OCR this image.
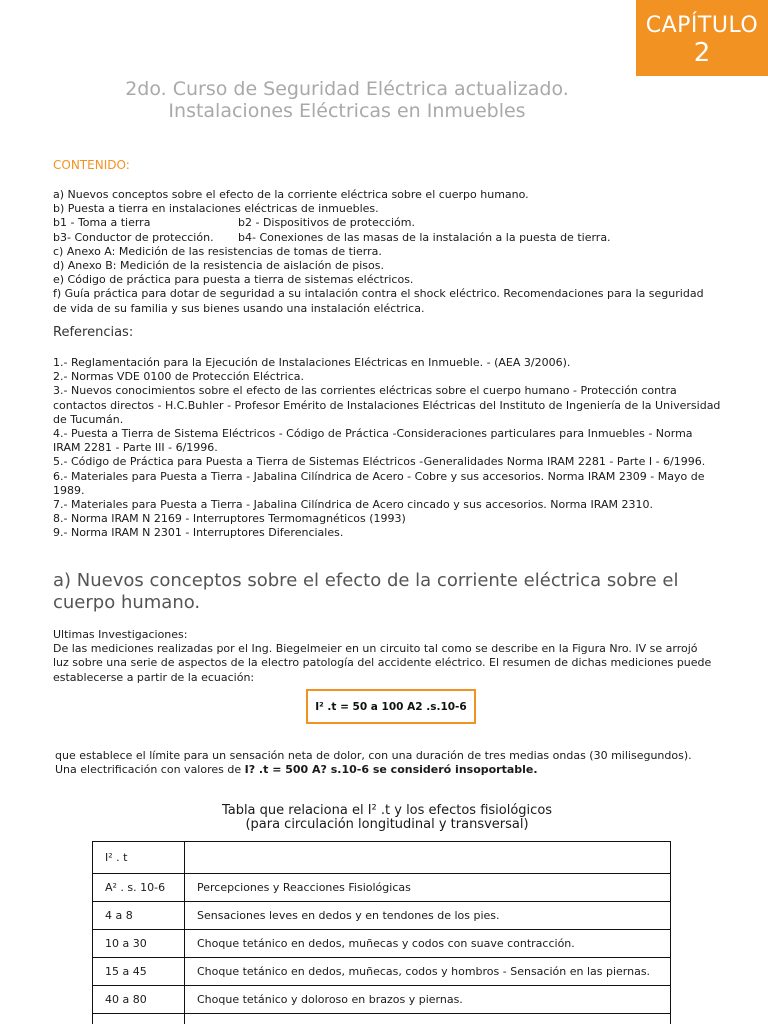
CAPÍTULO
2
2do. Curso de Seguridad Eléctrica actualizado.
Instalaciones Eléctricas en Inmuebles
CONTENIDO:

a) Nuevos conceptos sobre el efecto de la corriente eléctrica sobre el cuerpo humano.

b) Puesta a tierra en instalaciones eléctricas de inmuebles.

b1 - Toma a tierra	b2 - Dispositivos de proteccióm.
b3- Conductor de protección.	b4- Conexiones de las masas de la instalación a la puesta de tierra.

c) Anexo A: Medición de las resistencias de tomas de tierra.

d) Anexo B: Medición de la resistencia de aislación de pisos.

e) Código de práctica para puesta a tierra de sistemas eléctricos.

f) Guía práctica para dotar de seguridad a su intalación contra el shock eléctrico. Recomendaciones para la seguridad

de vida de su familia y sus bienes usando una instalación eléctrica.

Referencias:

1.- Reglamentación para la Ejecución de Instalaciones Eléctricas en Inmueble. - (AEA 3/2006).

2.- Normas VDE 0100 de Protección Eléctrica.

3.- Nuevos conocimientos sobre el efecto de las corrientes eléctricas sobre el cuerpo humano - Protección contra

contactos directos - H.C.Buhler - Profesor Emérito de Instalaciones Eléctricas del Instituto de Ingeniería de la Universidad

de Tucumán.

4.- Puesta a Tierra de Sistema Eléctricos - Código de Práctica -Consideraciones particulares para Inmuebles - Norma

IRAM 2281 - Parte III - 6/1996.

5.- Código de Práctica para Puesta a Tierra de Sistemas Eléctricos -Generalidades Norma IRAM 2281 - Parte I - 6/1996.

6.- Materiales para Puesta a Tierra - Jabalina Cilíndrica de Acero - Cobre y sus accesorios. Norma IRAM 2309 - Mayo de

1989.

7.- Materiales para Puesta a Tierra - Jabalina Cilíndrica de Acero cincado y sus accesorios. Norma IRAM 2310.

8.- Norma IRAM N 2169 - Interruptores Termomagnéticos (1993)

9.- Norma IRAM N 2301 - Interruptores Diferenciales.

a) Nuevos conceptos sobre el efecto de la corriente eléctrica sobre el
cuerpo humano.

Ultimas Investigaciones:

De las mediciones realizadas por el Ing. Biegelmeier en un circuito tal como se describe en la Figura Nro. IV se arrojó

luz sobre una serie de aspectos de la electro patología del accidente eléctrico. El resumen de dichas mediciones puede

establecerse a partir de la ecuación:

I² .t = 50 a 100 A2 .s.10-6

que establece el límite para un sensación neta de dolor, con una duración de tres medias ondas (30 milisegundos).

Una electrificación con valores de I? .t = 500 A? s.10-6 se consideró insoportable.

Tabla que relaciona el I² .t y los efectos fisiológicos
(para circulación longitudinal y transversal)
I² . t	
A² . s. 10-6	Percepciones y Reacciones Fisiológicas
4 a 8	Sensaciones leves en dedos y en tendones de los pies.
10 a 30	Choque tetánico en dedos, muñecas y codos con suave contracción.
15 a 45	Choque tetánico en dedos, muñecas, codos y hombros - Sensación en las piernas.
40 a 80	Choque tetánico y doloroso en brazos y piernas.
